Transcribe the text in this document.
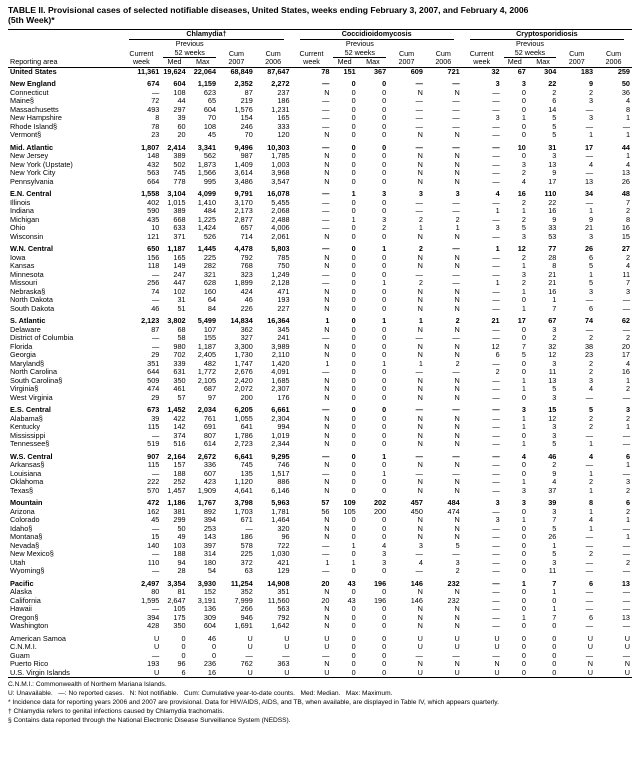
TABLE II. Provisional cases of selected notifiable diseases, United States, weeks ending February 3, 2007, and February 4, 2006
(5th Week)*
Reporting area	Chlamydia†					Coccidioidomycosis					Cryptosporidiosis				

	Current
week	Previous
52 weeks		Cum
2007	Cum
2006	Current
week	Previous
52 weeks		Cum
2007	Cum
2006	Current
week	Previous
52 weeks		Cum
2007	Cum
2006

		Med	Max				Med	Max				Med	Max		
United States	11,361	19,624	22,064	68,849	87,647	78	151	367	609	721	32	67	304	183	259

New England	674	604	1,159	2,352	2,272	—	0	0	—	—	3	3	22	9	50
Connecticut	—	108	623	87	237	N	0	0	N	N	—	0	2	2	36
Maine§	72	44	65	219	186	—	0	0	—	—	—	0	6	3	4
Massachusetts	493	297	604	1,576	1,231	—	0	0	—	—	—	0	14	—	8
New Hampshire	8	39	70	154	165	—	0	0	—	—	3	1	5	3	1
Rhode Island§	78	60	108	246	333	—	0	0	—	—	—	0	5	—	—
Vermont§	23	20	45	70	120	N	0	0	N	N	—	0	5	1	1

Mid. Atlantic	1,807	2,414	3,341	9,496	10,303	—	0	0	—	—	—	10	31	17	44
New Jersey	148	389	562	987	1,785	N	0	0	N	N	—	0	3	—	1
New York (Upstate)	432	502	1,873	1,409	1,003	N	0	0	N	N	—	3	13	4	4
New York City	563	745	1,566	3,614	3,968	N	0	0	N	N	—	2	9	—	13
Pennsylvania	664	778	995	3,486	3,547	N	0	0	N	N	—	4	17	13	26

E.N. Central	1,558	3,104	4,099	9,791	16,078	—	1	3	3	3	4	16	110	34	48
Illinois	402	1,015	1,410	3,170	5,455	—	0	0	—	—	—	2	22	—	7
Indiana	590	389	484	2,173	2,068	—	0	0	—	—	1	1	16	1	2
Michigan	435	668	1,225	2,877	2,488	—	1	3	2	2	—	2	9	9	8
Ohio	10	633	1,424	657	4,006	—	0	2	1	1	3	5	33	21	16
Wisconsin	121	371	526	714	2,061	N	0	0	N	N	—	3	53	3	15

W.N. Central	650	1,187	1,445	4,478	5,803	—	0	1	2	—	1	12	77	26	27
Iowa	156	165	225	792	785	N	0	0	N	N	—	2	28	6	2
Kansas	118	149	282	768	750	N	0	0	N	N	—	1	8	5	4
Minnesota	—	247	321	323	1,249	—	0	0	—	—	—	3	21	1	11
Missouri	256	447	628	1,899	2,128	—	0	1	2	—	1	2	21	5	7
Nebraska§	74	102	160	424	471	N	0	0	N	N	—	1	16	3	3
North Dakota	—	31	64	46	193	N	0	0	N	N	—	0	1	—	—
South Dakota	46	51	84	226	227	N	0	0	N	N	—	1	7	6	—

S. Atlantic	2,123	3,802	5,499	14,834	16,364	1	0	1	1	2	21	17	67	74	62
Delaware	87	68	107	362	345	N	0	0	N	N	—	0	3	—	—
District of Columbia	—	58	155	327	241	—	0	0	—	—	—	0	2	2	2
Florida	—	980	1,187	3,300	3,989	N	0	0	N	N	12	7	32	38	20
Georgia	29	702	2,405	1,730	2,110	N	0	0	N	N	6	5	12	23	17
Maryland§	351	339	482	1,747	1,420	1	0	1	1	2	—	0	3	2	4
North Carolina	644	631	1,772	2,676	4,091	—	0	0	—	—	2	0	11	2	16
South Carolina§	509	350	2,105	2,420	1,685	N	0	0	N	N	—	1	13	3	1
Virginia§	474	461	687	2,072	2,307	N	0	0	N	N	—	1	5	4	2
West Virginia	29	57	97	200	176	N	0	0	N	N	—	0	3	—	—

E.S. Central	673	1,452	2,034	6,205	6,661	—	0	0	—	—	—	3	15	5	3
Alabama§	39	422	761	1,055	2,304	N	0	0	N	N	—	1	12	2	2
Kentucky	115	142	691	641	994	N	0	0	N	N	—	1	3	2	1
Mississippi	—	374	807	1,786	1,019	N	0	0	N	N	—	0	3	—	—
Tennessee§	519	516	614	2,723	2,344	N	0	0	N	N	—	1	5	1	—

W.S. Central	907	2,164	2,672	6,641	9,295	—	0	1	—	—	—	4	46	4	6
Arkansas§	115	157	336	745	746	N	0	0	N	N	—	0	2	—	1
Louisiana	—	188	607	135	1,517	—	0	1	—	—	—	0	9	1	—
Oklahoma	222	252	423	1,120	886	N	0	0	N	N	—	1	4	2	3
Texas§	570	1,457	1,909	4,641	6,146	N	0	0	N	N	—	3	37	1	2

Mountain	472	1,186	1,767	3,798	5,963	57	109	202	457	484	3	3	39	8	6
Arizona	162	381	892	1,703	1,781	56	105	200	450	474	—	0	3	1	2
Colorado	45	299	394	671	1,464	N	0	0	N	N	3	1	7	4	1
Idaho§	—	50	253	—	320	N	0	0	N	N	—	0	5	1	—
Montana§	15	49	143	186	96	N	0	0	N	N	—	0	26	—	1
Nevada§	140	103	397	578	722	—	1	4	3	5	—	0	1	—	—
New Mexico§	—	188	314	225	1,030	—	0	3	—	—	—	0	5	2	—
Utah	110	94	180	372	421	1	1	3	4	3	—	0	3	—	2
Wyoming§	—	28	54	63	129	—	0	0	—	2	—	0	11	—	—

Pacific	2,497	3,354	3,930	11,254	14,908	20	43	196	146	232	—	1	7	6	13
Alaska	80	81	152	352	351	N	0	0	N	N	—	0	1	—	—
California	1,595	2,647	3,191	7,999	11,560	20	43	196	146	232	—	0	0	—	—
Hawaii	—	105	136	266	563	N	0	0	N	N	—	0	1	—	—
Oregon§	394	175	309	946	792	N	0	0	N	N	—	1	7	6	13
Washington	428	350	604	1,691	1,642	N	0	0	N	N	—	0	0	—	—

American Samoa	U	0	46	U	U	U	0	0	U	U	U	0	0	U	U
C.N.M.I.	U	0	0	U	U	U	0	0	U	U	U	0	0	U	U
Guam	—	0	0	—	—	—	0	0	—	—	—	0	0	—	—
Puerto Rico	193	96	236	762	363	N	0	0	N	N	N	0	0	N	N
U.S. Virgin Islands	U	6	16	U	U	U	0	0	U	U	U	0	0	U	U
C.N.M.I.: Commonwealth of Northern Mariana Islands.
U: Unavailable.   —: No reported cases.   N: Not notifiable.   Cum: Cumulative year-to-date counts.   Med: Median.   Max: Maximum.
* Incidence data for reporting years 2006 and 2007 are provisional. Data for HIV/AIDS, AIDS, and TB, when available, are displayed in Table IV, which appears quarterly.
† Chlamydia refers to genital infections caused by Chlamydia trachomatis.
§ Contains data reported through the National Electronic Disease Surveillance System (NEDSS).
